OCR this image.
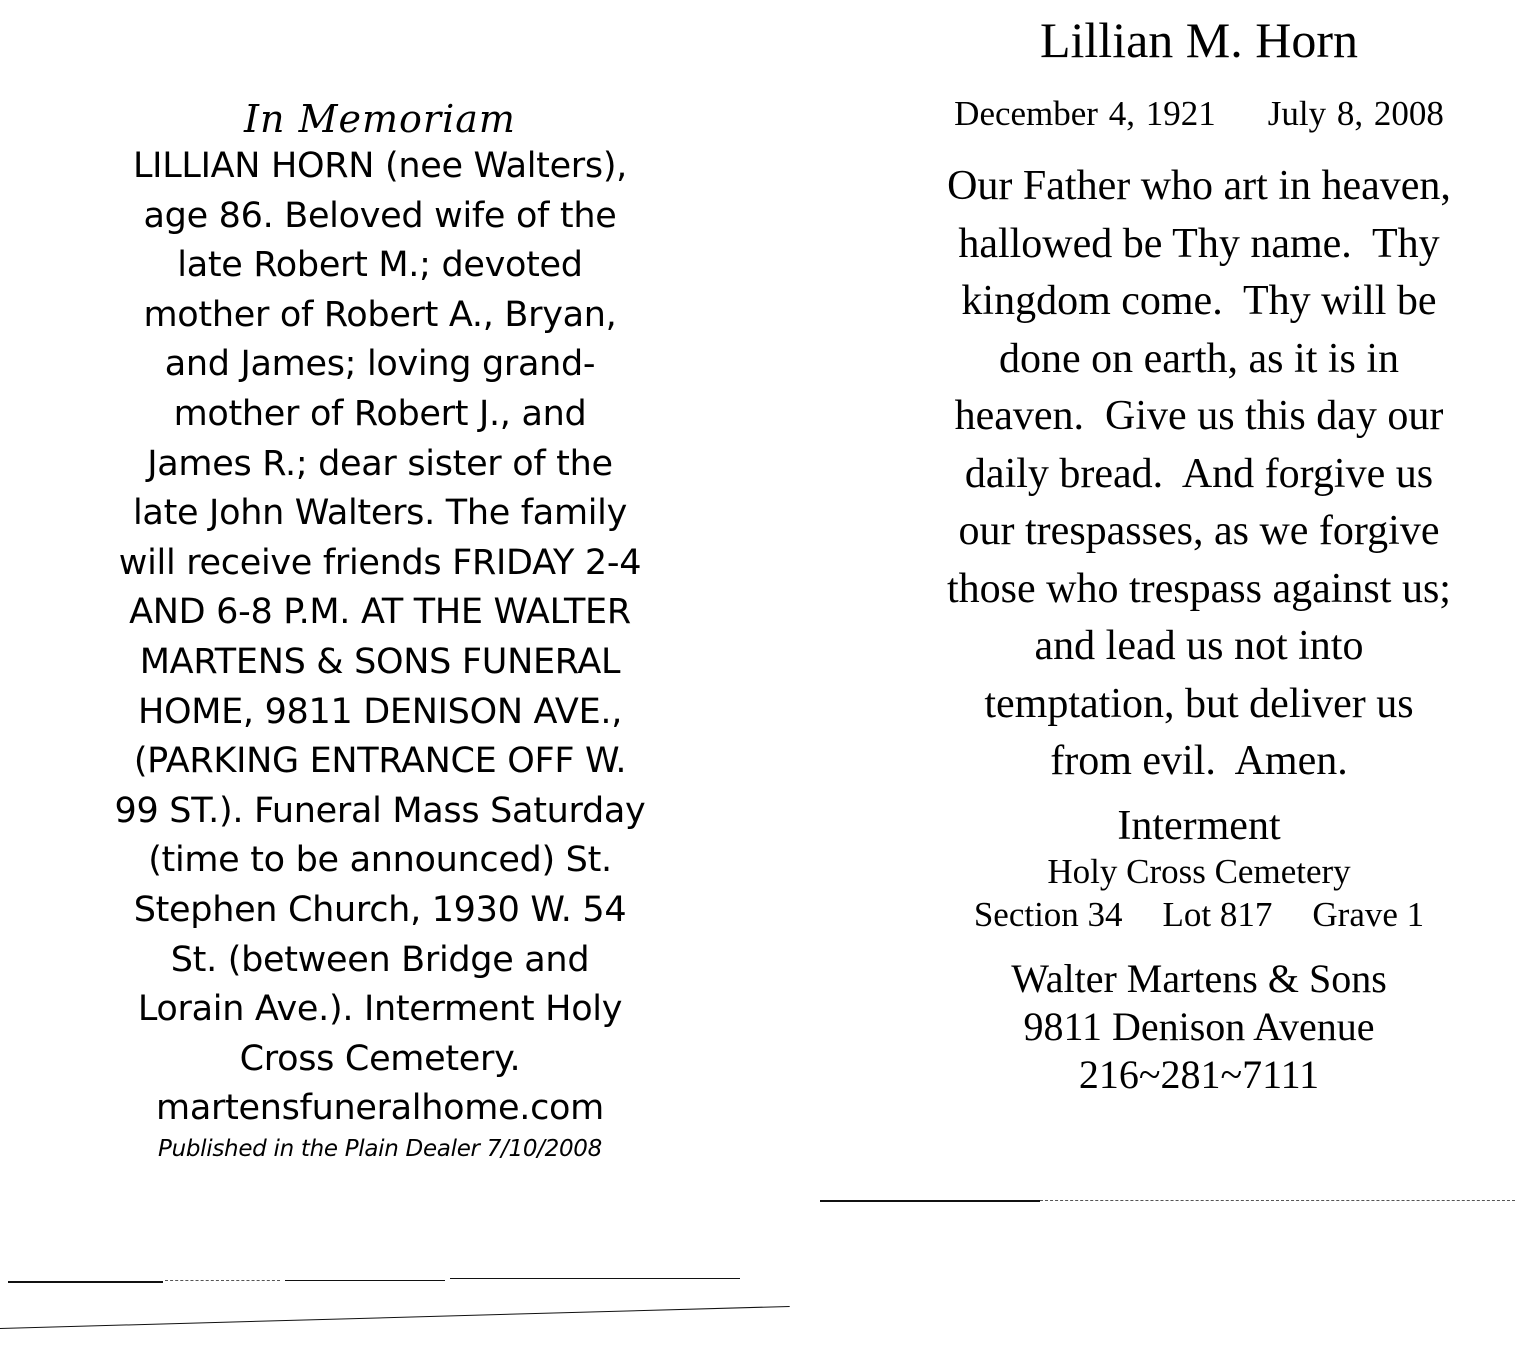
In Memoriam
LILLIAN HORN (nee Walters),
age 86. Beloved wife of the
late Robert M.; devoted
mother of Robert A., Bryan,
and James; loving grand-
mother of Robert J., and
James R.; dear sister of the
late John Walters. The family
will receive friends FRIDAY 2-4
AND 6-8 P.M. AT THE WALTER
MARTENS & SONS FUNERAL
HOME, 9811 DENISON AVE.,
(PARKING ENTRANCE OFF W.
99 ST.). Funeral Mass Saturday
(time to be announced) St.
Stephen Church, 1930 W. 54
St. (between Bridge and
Lorain Ave.). Interment Holy
Cross Cemetery.
martensfuneralhome.com
Published in the Plain Dealer 7/10/2008
Lillian M. Horn
December 4, 1921 July 8, 2008
Our Father who art in heaven,
hallowed be Thy name.  Thy
kingdom come.  Thy will be
done on earth, as it is in
heaven.  Give us this day our
daily bread.  And forgive us
our trespasses, as we forgive
those who trespass against us;
and lead us not into
temptation, but deliver us
from evil.  Amen.
Interment
Holy Cross Cemetery
Section 34 Lot 817 Grave 1
Walter Martens & Sons
9811 Denison Avenue
216~281~7111
